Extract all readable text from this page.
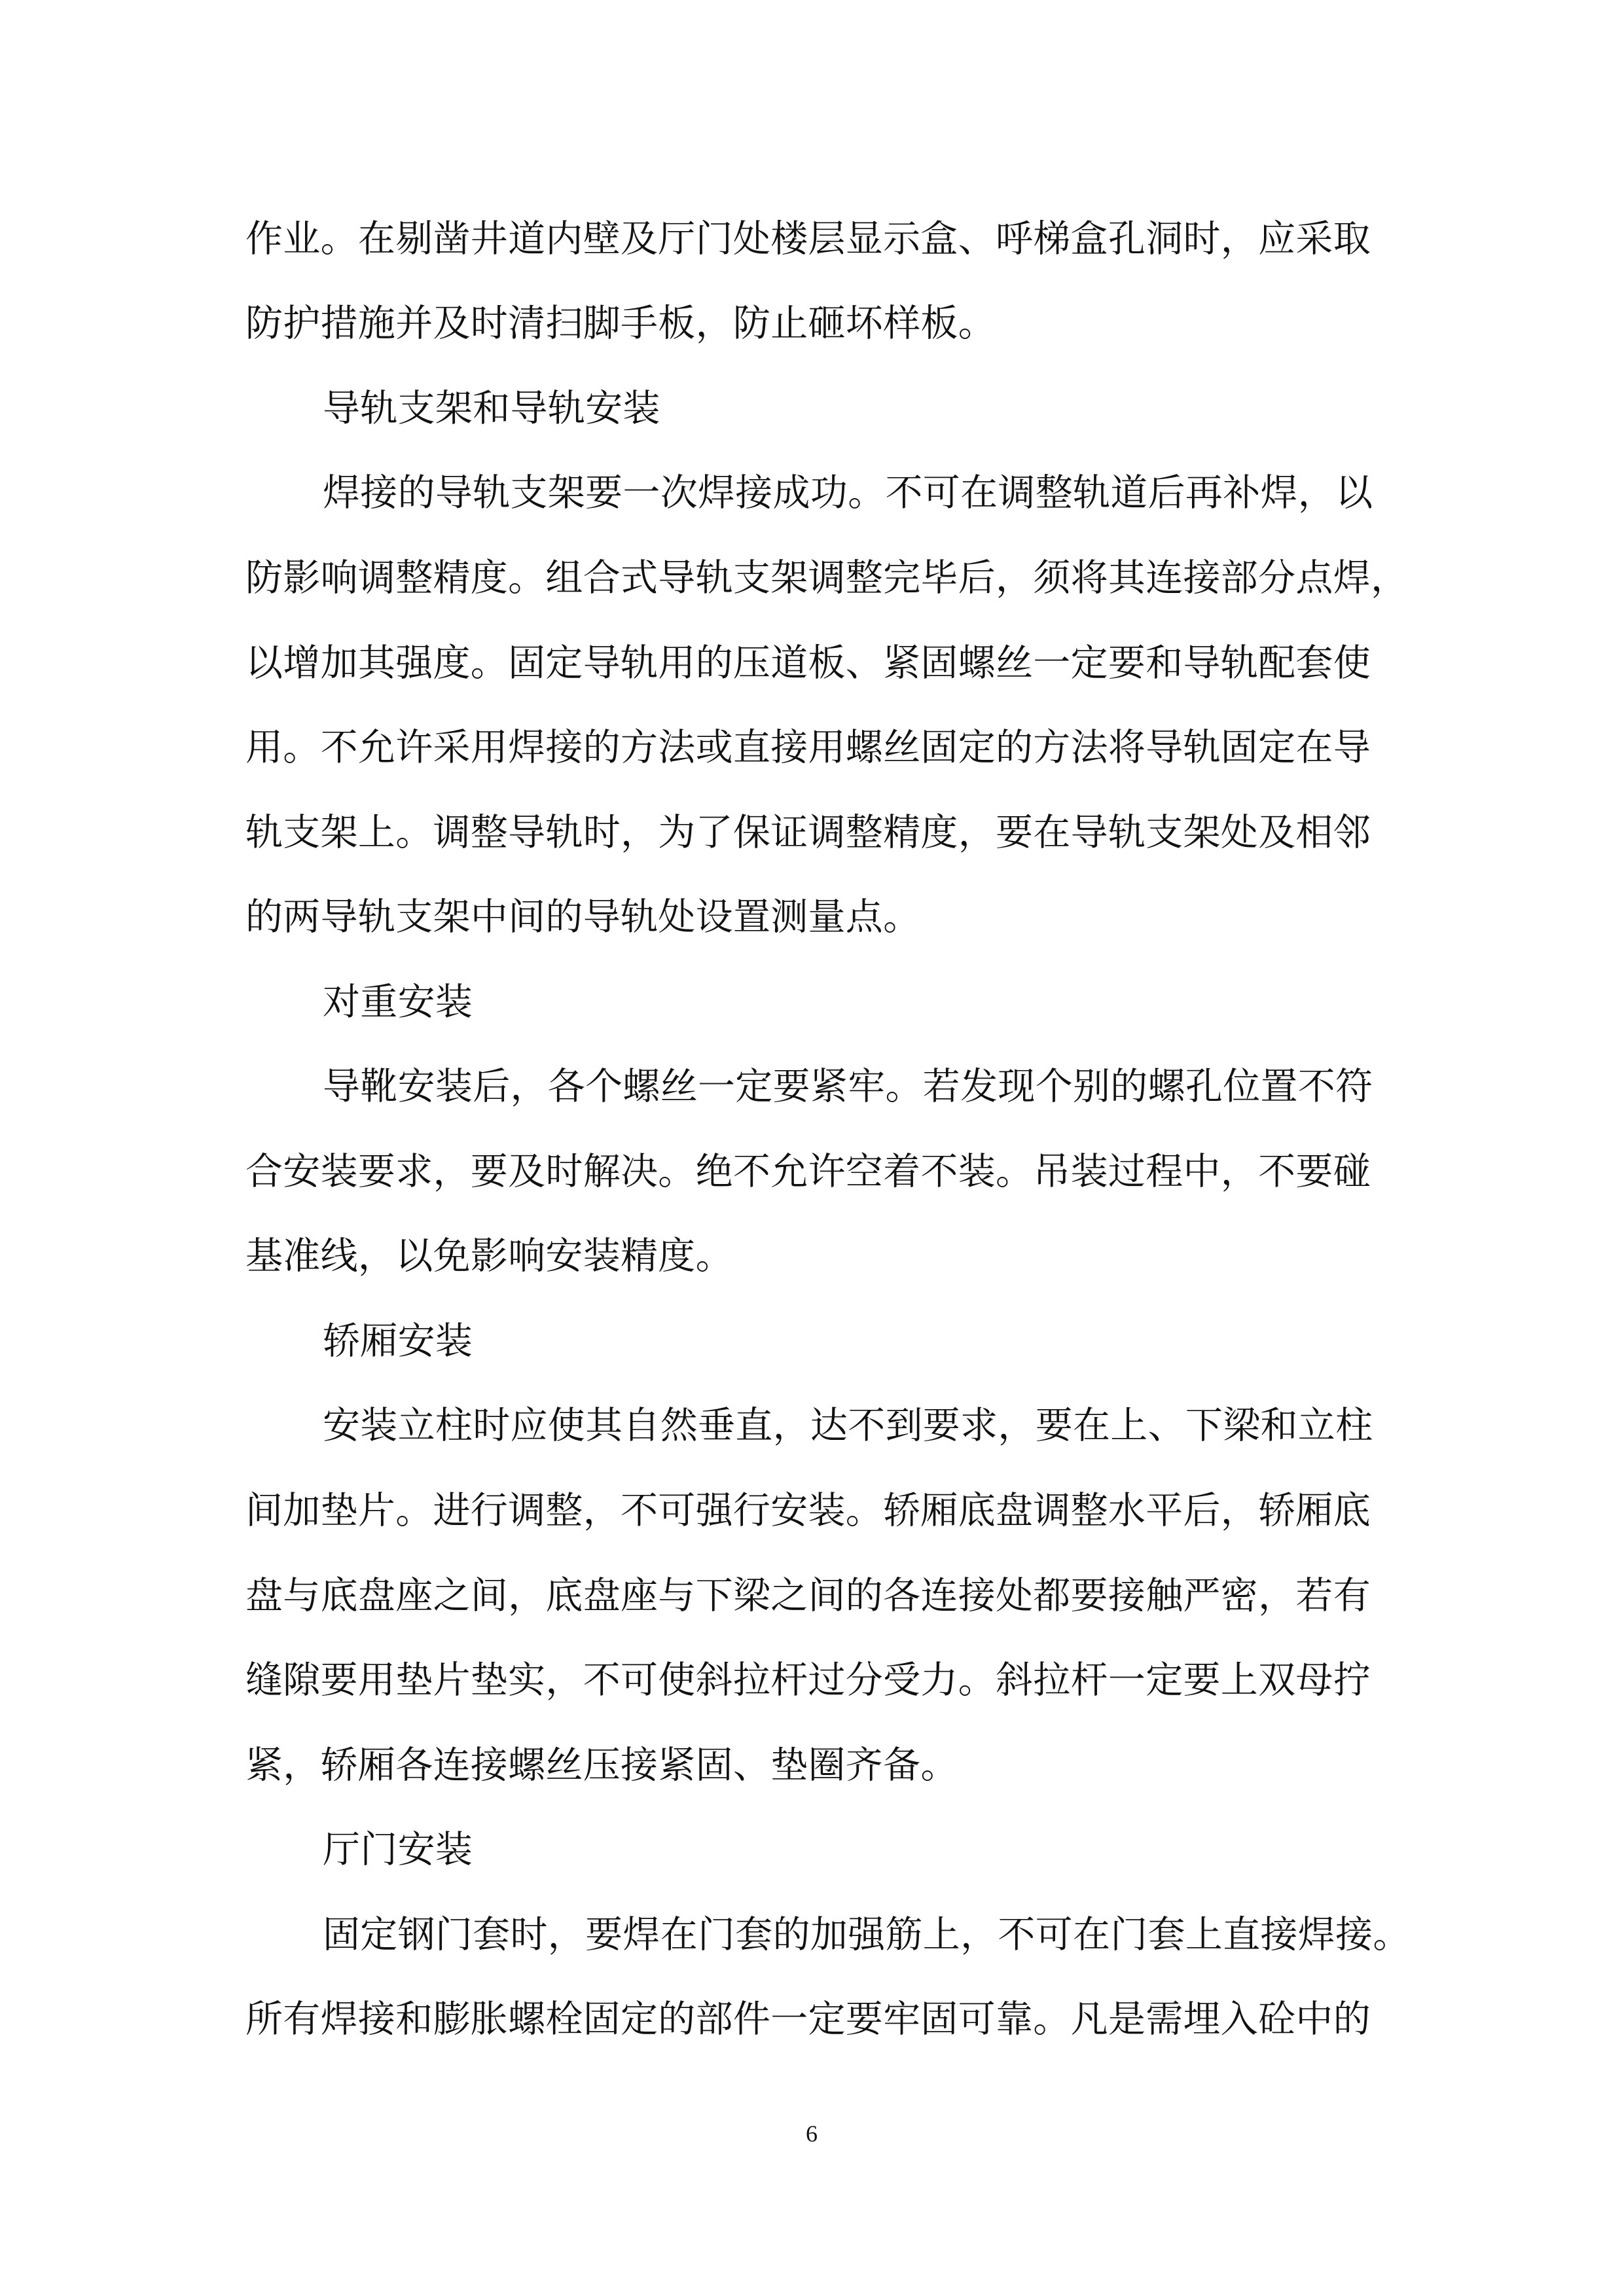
作业。在剔凿井道内壁及厅门处楼层显示盒、呼梯盒孔洞时，应采取

防护措施并及时清扫脚手板，防止砸坏样板。

导轨支架和导轨安装

焊接的导轨支架要一次焊接成功。不可在调整轨道后再补焊，以

防影响调整精度。组合式导轨支架调整完毕后，须将其连接部分点焊，

以增加其强度。固定导轨用的压道板、紧固螺丝一定要和导轨配套使

用。不允许采用焊接的方法或直接用螺丝固定的方法将导轨固定在导

轨支架上。调整导轨时，为了保证调整精度，要在导轨支架处及相邻

的两导轨支架中间的导轨处设置测量点。

对重安装

导靴安装后，各个螺丝一定要紧牢。若发现个别的螺孔位置不符

合安装要求，要及时解决。绝不允许空着不装。吊装过程中，不要碰

基准线，以免影响安装精度。

轿厢安装

安装立柱时应使其自然垂直，达不到要求，要在上、下梁和立柱

间加垫片。进行调整，不可强行安装。轿厢底盘调整水平后，轿厢底

盘与底盘座之间，底盘座与下梁之间的各连接处都要接触严密，若有

缝隙要用垫片垫实，不可使斜拉杆过分受力。斜拉杆一定要上双母拧

紧，轿厢各连接螺丝压接紧固、垫圈齐备。

厅门安装

固定钢门套时，要焊在门套的加强筋上，不可在门套上直接焊接。

所有焊接和膨胀螺栓固定的部件一定要牢固可靠。凡是需埋入砼中的

6
